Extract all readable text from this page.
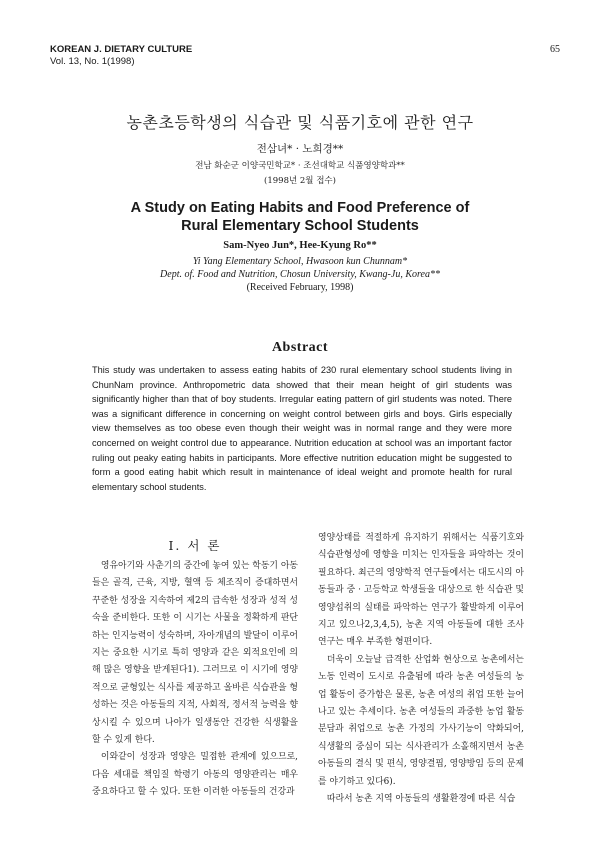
KOREAN J. DIETARY CULTURE
Vol. 13, No. 1(1998)
65
농촌초등학생의 식습관 및 식품기호에 관한 연구
전삼녀* · 노희경**
전남 화순군 이양국민학교* · 조선대학교 식품영양학과**
(1998년 2월 접수)
A Study on Eating Habits and Food Preference of
Rural Elementary School Students
Sam-Nyeo Jun*, Hee-Kyung Ro**
Yi Yang Elementary School, Hwasoon kun Chunnam*
Dept. of. Food and Nutrition, Chosun University, Kwang-Ju, Korea**
(Received February, 1998)
Abstract
This study was undertaken to assess eating habits of 230 rural elementary school students living in ChunNam province. Anthropometric data showed that their mean height of girl students was significantly higher than that of boy students. Irregular eating pattern of girl students was noted. There was a significant difference in concerning on weight control between girls and boys. Girls especially view themselves as too obese even though their weight was in normal range and they were more concerned on weight control due to appearance. Nutrition education at school was an important factor ruling out peaky eating habits in participants. More effective nutrition education might be suggested to form a good eating habit which result in maintenance of ideal weight and promote health for rural elementary school students.
I. 서 론

영유아기와 사춘기의 중간에 놓여 있는 학동기 아동들은 골격, 근육, 지방, 혈액 등 체조직이 증대하면서 꾸준한 성장을 지속하여 제2의 급속한 성장과 성적 성숙을 준비한다. 또한 이 시기는 사물을 정확하게 판단하는 인지능력이 성숙하며, 자아개념의 발달이 이루어지는 중요한 시기로 특히 영양과 같은 외적요인에 의해 많은 영향을 받게된다1). 그러므로 이 시기에 영양적으로 균형있는 식사를 제공하고 올바른 식습관을 형성하는 것은 아동들의 지적, 사회적, 정서적 능력을 향상시킬 수 있으며 나아가 일생동안 건강한 식생활을 할 수 있게 한다.

이와같이 성장과 영양은 밀접한 관계에 있으므로, 다음 세대를 책임질 학령기 아동의 영양관리는 매우 중요하다고 할 수 있다. 또한 이러한 아동들의 건강과

영양상태를 적절하게 유지하기 위해서는 식품기호와 식습관형성에 영향을 미치는 인자들을 파악하는 것이 필요하다. 최근의 영양학적 연구들에서는 대도시의 아동들과 중 · 고등학교 학생들을 대상으로 한 식습관 및 영양섭취의 실태를 파악하는 연구가 활발하게 이루어지고 있으나2,3,4,5), 농촌 지역 아동들에 대한 조사연구는 매우 부족한 형편이다.

더욱이 오늘날 급격한 산업화 현상으로 농촌에서는 노동 인력이 도시로 유출됨에 따라 농촌 여성들의 농업 활동이 증가함은 물론, 농촌 여성의 취업 또한 늘어나고 있는 추세이다. 농촌 여성들의 과중한 농업 활동 분담과 취업으로 농촌 가정의 가사기능이 약화되어, 식생활의 중심이 되는 식사관리가 소홀해지면서 농촌 아동들의 결식 및 편식, 영양결핍, 영양방임 등의 문제를 야기하고 있다6).

따라서 농촌 지역 아동들의 생활환경에 따른 식습
